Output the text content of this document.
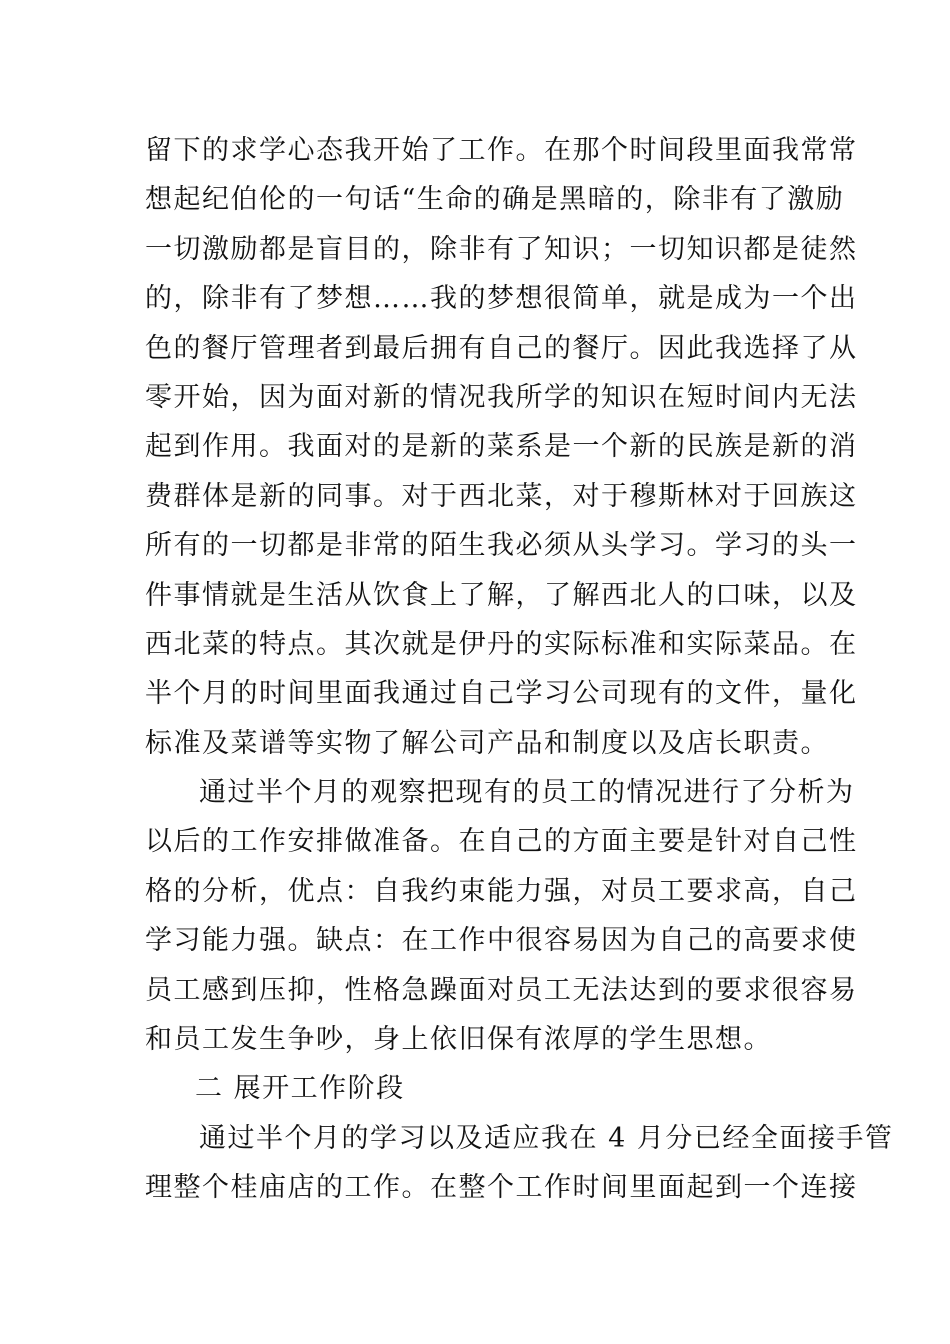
留下的求学心态我开始了工作。在那个时间段里面我常常
想起纪伯伦的一句话“生命的确是黑暗的，除非有了激励
一切激励都是盲目的，除非有了知识；一切知识都是徒然
的，除非有了梦想……我的梦想很简单，就是成为一个出
色的餐厅管理者到最后拥有自己的餐厅。因此我选择了从
零开始，因为面对新的情况我所学的知识在短时间内无法
起到作用。我面对的是新的菜系是一个新的民族是新的消
费群体是新的同事。对于西北菜，对于穆斯林对于回族这
所有的一切都是非常的陌生我必须从头学习。学习的头一
件事情就是生活从饮食上了解，了解西北人的口味，以及
西北菜的特点。其次就是伊丹的实际标准和实际菜品。在
半个月的时间里面我通过自己学习公司现有的文件，量化
标准及菜谱等实物了解公司产品和制度以及店长职责。
通过半个月的观察把现有的员工的情况进行了分析为
以后的工作安排做准备。在自己的方面主要是针对自己性
格的分析，优点：自我约束能力强，对员工要求高，自己
学习能力强。缺点：在工作中很容易因为自己的高要求使
员工感到压抑，性格急躁面对员工无法达到的要求很容易
和员工发生争吵，身上依旧保有浓厚的学生思想。
二 展开工作阶段
通过半个月的学习以及适应我在 4 月分已经全面接手管
理整个桂庙店的工作。在整个工作时间里面起到一个连接
